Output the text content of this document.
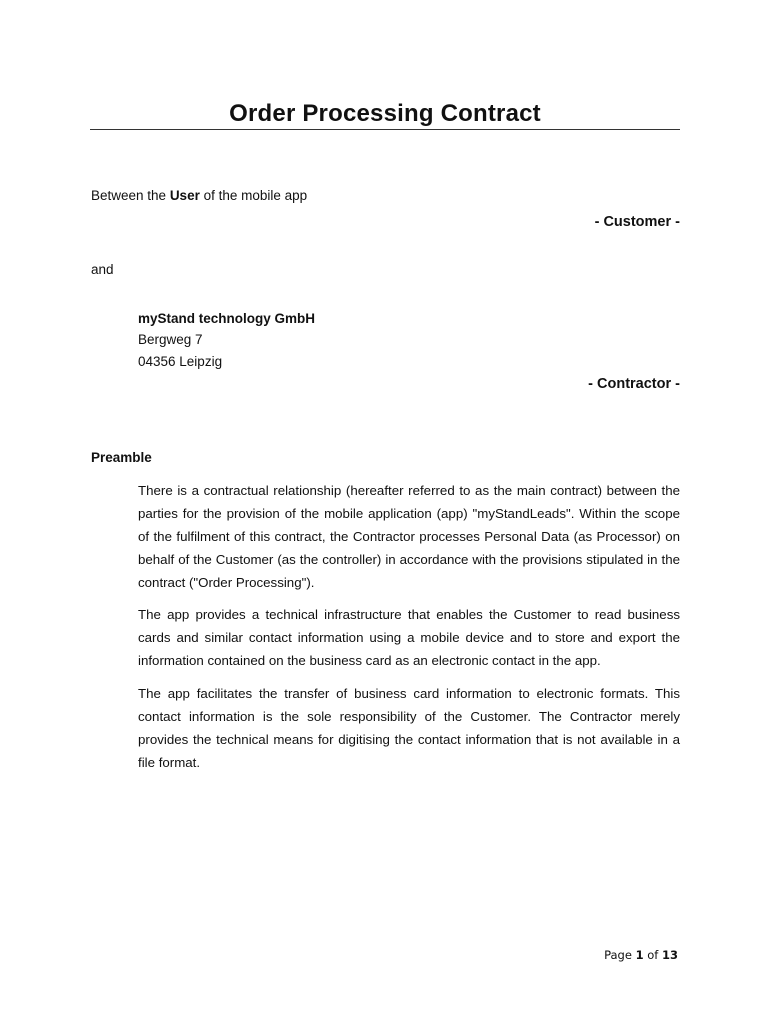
Order Processing Contract

Between the User of the mobile app

- Customer -

and

myStand technology GmbH

Bergweg 7

04356 Leipzig

- Contractor -

Preamble

There is a contractual relationship (hereafter referred to as the main contract) between the parties for the provision of the mobile application (app) "myStandLeads". Within the scope of the fulfilment of this contract, the Contractor processes Personal Data (as Processor) on behalf of the Customer (as the controller) in accordance with the provisions stipulated in the contract ("Order Processing").

The app provides a technical infrastructure that enables the Customer to read business cards and similar contact information using a mobile device and to store and export the information contained on the business card as an electronic contact in the app.

The app facilitates the transfer of business card information to electronic formats. This contact information is the sole responsibility of the Customer. The Contractor merely provides the technical means for digitising the contact information that is not available in a file format.

Page 1 of 13
